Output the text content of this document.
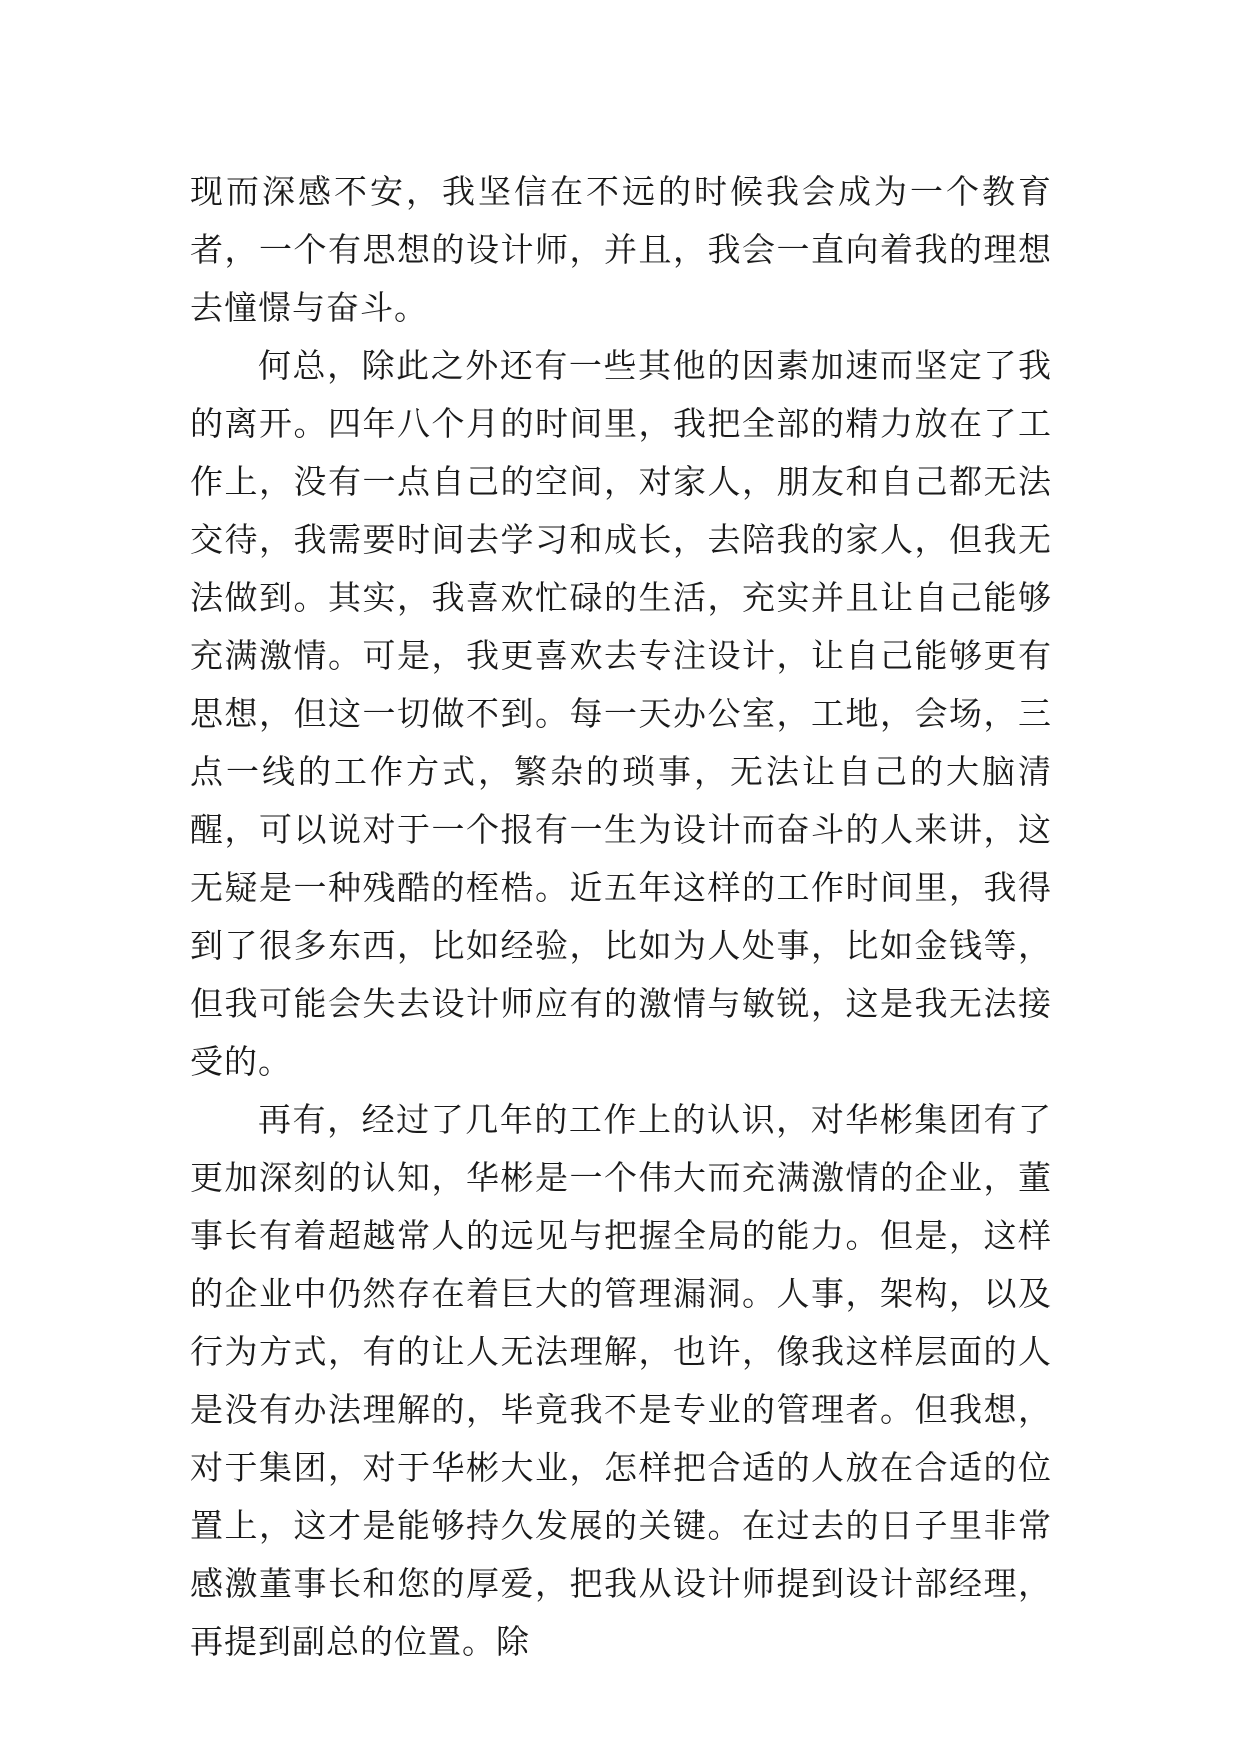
现而深感不安，我坚信在不远的时候我会成为一个教育者，一个有思想的设计师，并且，我会一直向着我的理想去憧憬与奋斗。

何总，除此之外还有一些其他的因素加速而坚定了我的离开。四年八个月的时间里，我把全部的精力放在了工作上，没有一点自己的空间，对家人，朋友和自己都无法交待，我需要时间去学习和成长，去陪我的家人，但我无法做到。其实，我喜欢忙碌的生活，充实并且让自己能够充满激情。可是，我更喜欢去专注设计，让自己能够更有思想，但这一切做不到。每一天办公室，工地，会场，三点一线的工作方式，繁杂的琐事，无法让自己的大脑清醒，可以说对于一个报有一生为设计而奋斗的人来讲，这无疑是一种残酷的桎梏。近五年这样的工作时间里，我得到了很多东西，比如经验，比如为人处事，比如金钱等，但我可能会失去设计师应有的激情与敏锐，这是我无法接受的。

再有，经过了几年的工作上的认识，对华彬集团有了更加深刻的认知，华彬是一个伟大而充满激情的企业，董事长有着超越常人的远见与把握全局的能力。但是，这样的企业中仍然存在着巨大的管理漏洞。人事，架构，以及行为方式，有的让人无法理解，也许，像我这样层面的人是没有办法理解的，毕竟我不是专业的管理者。但我想，对于集团，对于华彬大业，怎样把合适的人放在合适的位置上，这才是能够持久发展的关键。在过去的日子里非常感激董事长和您的厚爱，把我从设计师提到设计部经理，再提到副总的位置。除
